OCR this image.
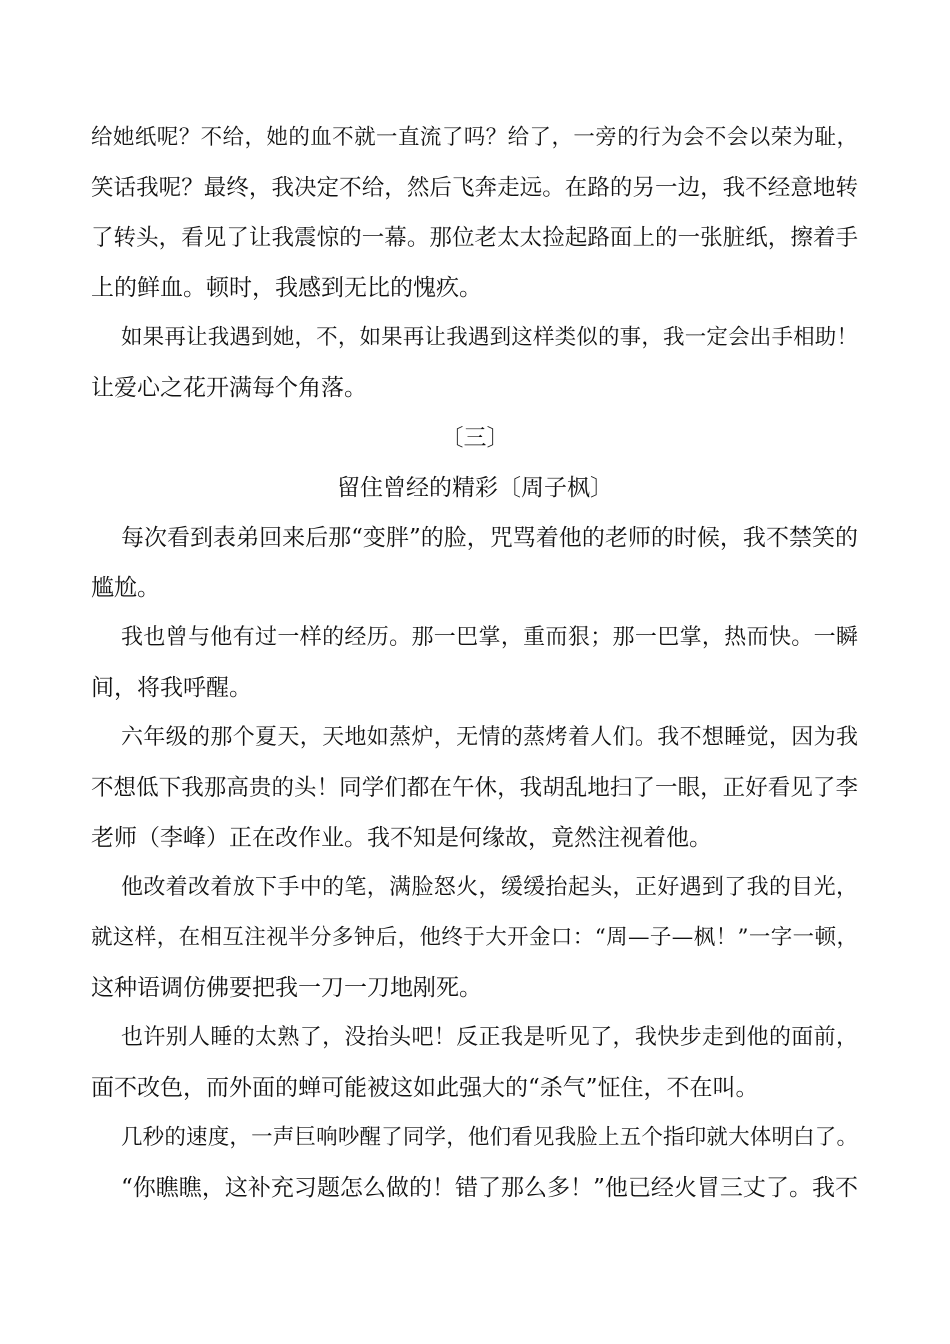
给她纸呢？不给，她的血不就一直流了吗？给了，一旁的行为会不会以荣为耻，
笑话我呢？最终，我决定不给，然后飞奔走远。在路的另一边，我不经意地转
了转头，看见了让我震惊的一幕。那位老太太捡起路面上的一张脏纸，擦着手
上的鲜血。顿时，我感到无比的愧疚。
如果再让我遇到她，不，如果再让我遇到这样类似的事，我一定会出手相助！
让爱心之花开满每个角落。
〔三〕
留住曾经的精彩〔周子枫〕
每次看到表弟回来后那“变胖”的脸，咒骂着他的老师的时候，我不禁笑的
尴尬。
我也曾与他有过一样的经历。那一巴掌，重而狠；那一巴掌，热而快。一瞬
间，将我呼醒。
六年级的那个夏天，天地如蒸炉，无情的蒸烤着人们。我不想睡觉，因为我
不想低下我那高贵的头！同学们都在午休，我胡乱地扫了一眼，正好看见了李
老师（李峰）正在改作业。我不知是何缘故，竟然注视着他。
他改着改着放下手中的笔，满脸怒火，缓缓抬起头，正好遇到了我的目光，
就这样，在相互注视半分多钟后，他终于大开金口：“周—子—枫！”一字一顿，
这种语调仿佛要把我一刀一刀地剐死。
也许别人睡的太熟了，没抬头吧！反正我是听见了，我快步走到他的面前，
面不改色，而外面的蝉可能被这如此强大的“杀气”怔住，不在叫。
几秒的速度，一声巨响吵醒了同学，他们看见我脸上五个指印就大体明白了。
“你瞧瞧，这补充习题怎么做的！错了那么多！”他已经火冒三丈了。我不
